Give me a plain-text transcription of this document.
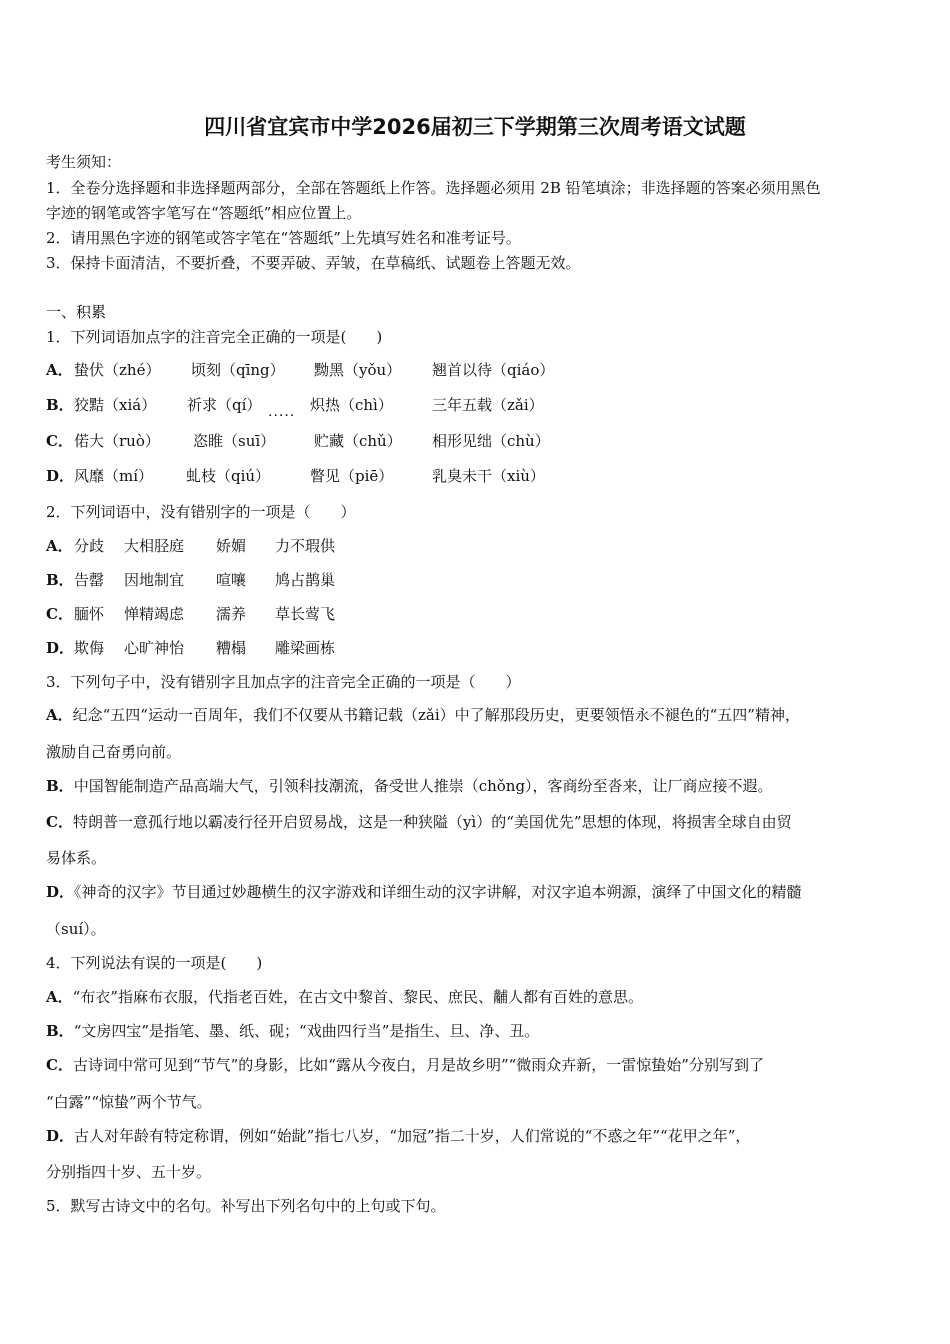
四川省宜宾市中学2026届初三下学期第三次周考语文试题
考生须知：
1．全卷分选择题和非选择题两部分，全部在答题纸上作答。选择题必须用 2B 铅笔填涂；非选择题的答案必须用黑色
字迹的钢笔或答字笔写在“答题纸”相应位置上。
2．请用黑色字迹的钢笔或答字笔在“答题纸”上先填写姓名和准考证号。
3．保持卡面清洁，不要折叠，不要弄破、弄皱，在草稿纸、试题卷上答题无效。
一、积累
1．下列词语加点字的注音完全正确的一项是(　　)
A． 蛰伏（zhé） 顷刻（qīng） 黝黑（yǒu） 翘首以待（qiáo）
B． 狡黠（xiá） 祈求（qí）	炽热（chì）	三年五载（zǎi）
.....
C． 偌大（ruò） 恣睢（suī）	贮藏（chǔ） 相形见绌（chù）
D． 风靡（mí） 虬枝（qiú）	瞥见（piē）	乳臭未干（xiù）
2．下列词语中，没有错别字的一项是（　　）
A． 分歧 大相胫庭 娇媚 力不瑕供
B． 告罄 因地制宜 喧嚷 鸠占鹊巢
C． 腼怀 惮精竭虑 濡养 草长莺飞
D． 欺侮 心旷神怡 糟榻 雕梁画栋
3．下列句子中，没有错别字且加点字的注音完全正确的一项是（　　）
A．纪念“五四“运动一百周年，我们不仅要从书籍记载（zǎi）中了解那段历史，更要领悟永不褪色的“五四”精神，
激励自己奋勇向前。
B．中国智能制造产品高端大气，引领科技潮流，备受世人推崇（chǒng），客商纷至沓来，让厂商应接不遐。
C．特朗普一意孤行地以霸凌行径开启贸易战，这是一种狭隘（yì）的“美国优先”思想的体现，将损害全球自由贸
易体系。
D．《神奇的汉字》节目通过妙趣横生的汉字游戏和详细生动的汉字讲解，对汉字追本朔源，演绎了中国文化的精髓
（suí）。
4．下列说法有误的一项是(　　)
A．“布衣”指麻布衣服，代指老百姓，在古文中黎首、黎民、庶民、黼人都有百姓的意思。
B．“文房四宝”是指笔、墨、纸、砚；“戏曲四行当”是指生、旦、净、丑。
C．古诗词中常可见到“节气”的身影，比如“露从今夜白，月是故乡明”“微雨众卉新，一雷惊蛰始”分别写到了
“白露”“惊蛰”两个节气。
D．古人对年龄有特定称谓，例如“始龀”指七八岁，“加冠”指二十岁，人们常说的“不惑之年”“花甲之年”，
分别指四十岁、五十岁。
5．默写古诗文中的名句。补写出下列名句中的上句或下句。
